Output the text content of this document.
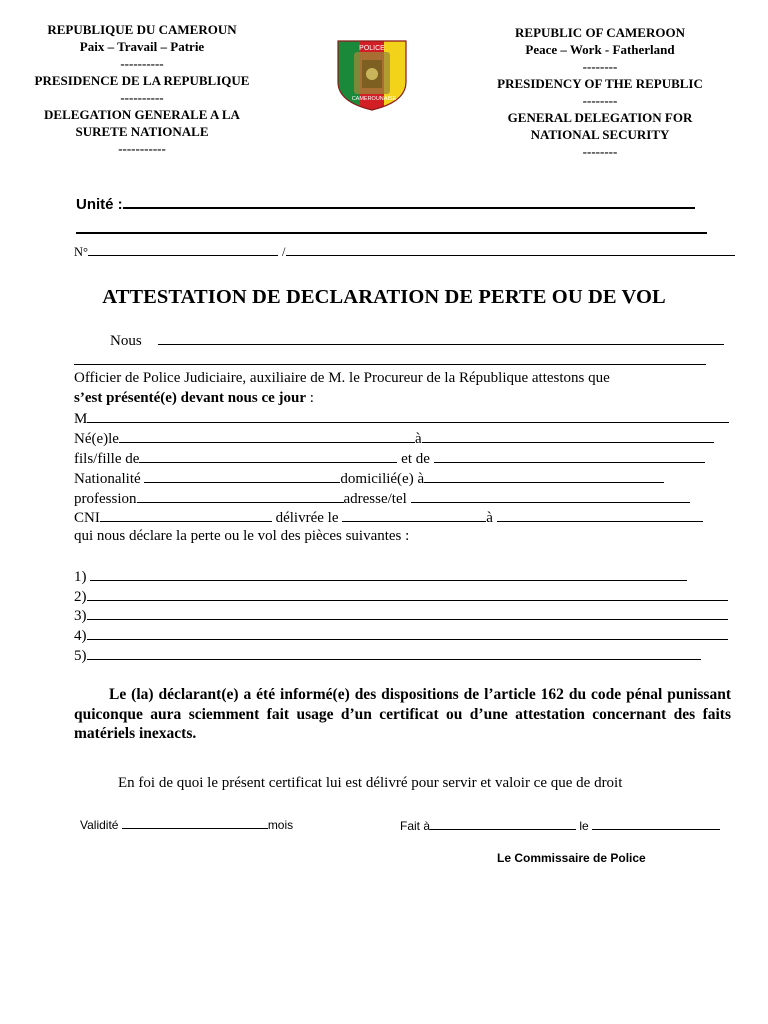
REPUBLIQUE DU CAMEROUN
Paix – Travail – Patrie
----------
PRESIDENCE DE LA REPUBLIQUE
----------
DELEGATION GENERALE A LA
SURETE NATIONALE
-----------
REPUBLIC OF CAMEROON
Peace – Work - Fatherland
--------
PRESIDENCY OF THE REPUBLIC
--------
GENERAL DELEGATION FOR
NATIONAL SECURITY
--------
POLICE
CAMEROUNAISE
Unité :
N°	/
ATTESTATION DE DECLARATION DE PERTE OU DE VOL
Nous
Officier de Police Judiciaire, auxiliaire de M. le Procureur de la République attestons que
s’est présenté(e) devant nous ce jour :
M
Né(e)le	à
fils/fille de	et de
Nationalité	domicilié(e) à
profession	adresse/tel
CNI	délivrée le	à
qui nous déclare la perte ou le vol des pièces suivantes :
1)
2)
3)
4)
5)
Le (la) déclarant(e) a été informé(e) des dispositions de l’article 162 du code pénal punissant quiconque aura sciemment fait usage d’un certificat ou d’une attestation concernant des faits matériels inexacts.
En foi de quoi le présent certificat lui est délivré pour servir et valoir ce que de droit
Validité	mois	Fait à	le
Le Commissaire de Police
